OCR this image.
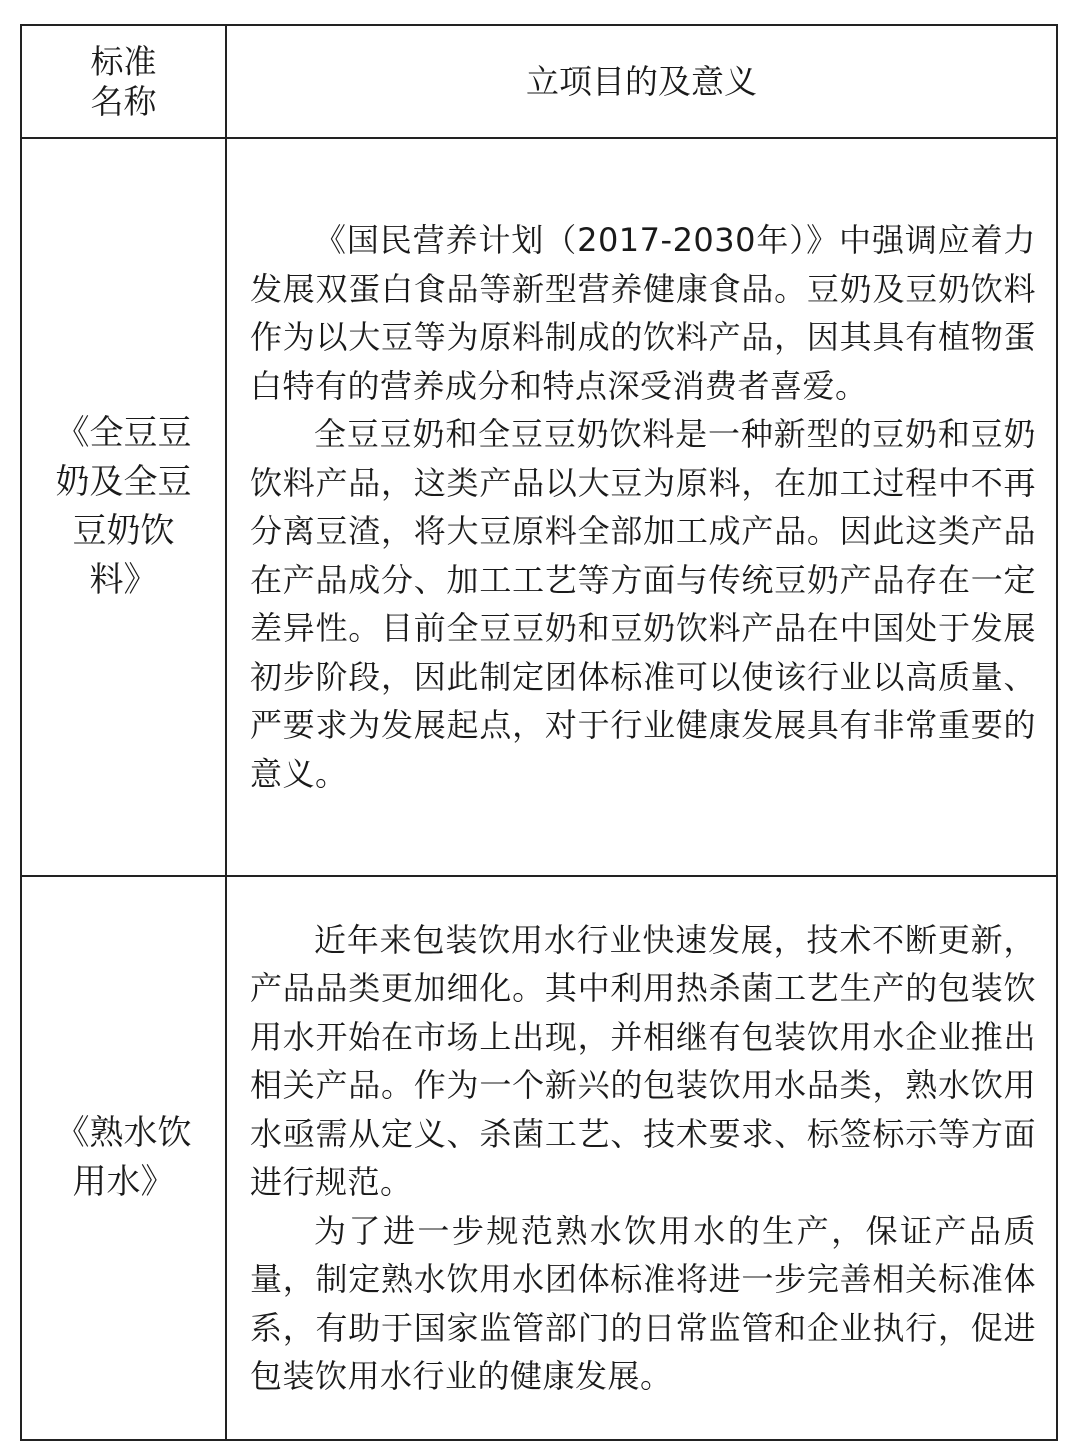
标准
名称
立项目的及意义
《全豆豆
奶及全豆
豆奶饮
料》

《国民营养计划（2017-2030年）》中强调应着力发展双蛋白食品等新型营养健康食品。豆奶及豆奶饮料作为以大豆等为原料制成的饮料产品，因其具有植物蛋白特有的营养成分和特点深受消费者喜爱。

全豆豆奶和全豆豆奶饮料是一种新型的豆奶和豆奶饮料产品，这类产品以大豆为原料，在加工过程中不再分离豆渣，将大豆原料全部加工成产品。因此这类产品在产品成分、加工工艺等方面与传统豆奶产品存在一定差异性。目前全豆豆奶和豆奶饮料产品在中国处于发展初步阶段，因此制定团体标准可以使该行业以高质量、严要求为发展起点，对于行业健康发展具有非常重要的意义。

《熟水饮
用水》

近年来包装饮用水行业快速发展，技术不断更新，产品品类更加细化。其中利用热杀菌工艺生产的包装饮用水开始在市场上出现，并相继有包装饮用水企业推出相关产品。作为一个新兴的包装饮用水品类，熟水饮用水亟需从定义、杀菌工艺、技术要求、标签标示等方面进行规范。

为了进一步规范熟水饮用水的生产，保证产品质量，制定熟水饮用水团体标准将进一步完善相关标准体系，有助于国家监管部门的日常监管和企业执行，促进包装饮用水行业的健康发展。
